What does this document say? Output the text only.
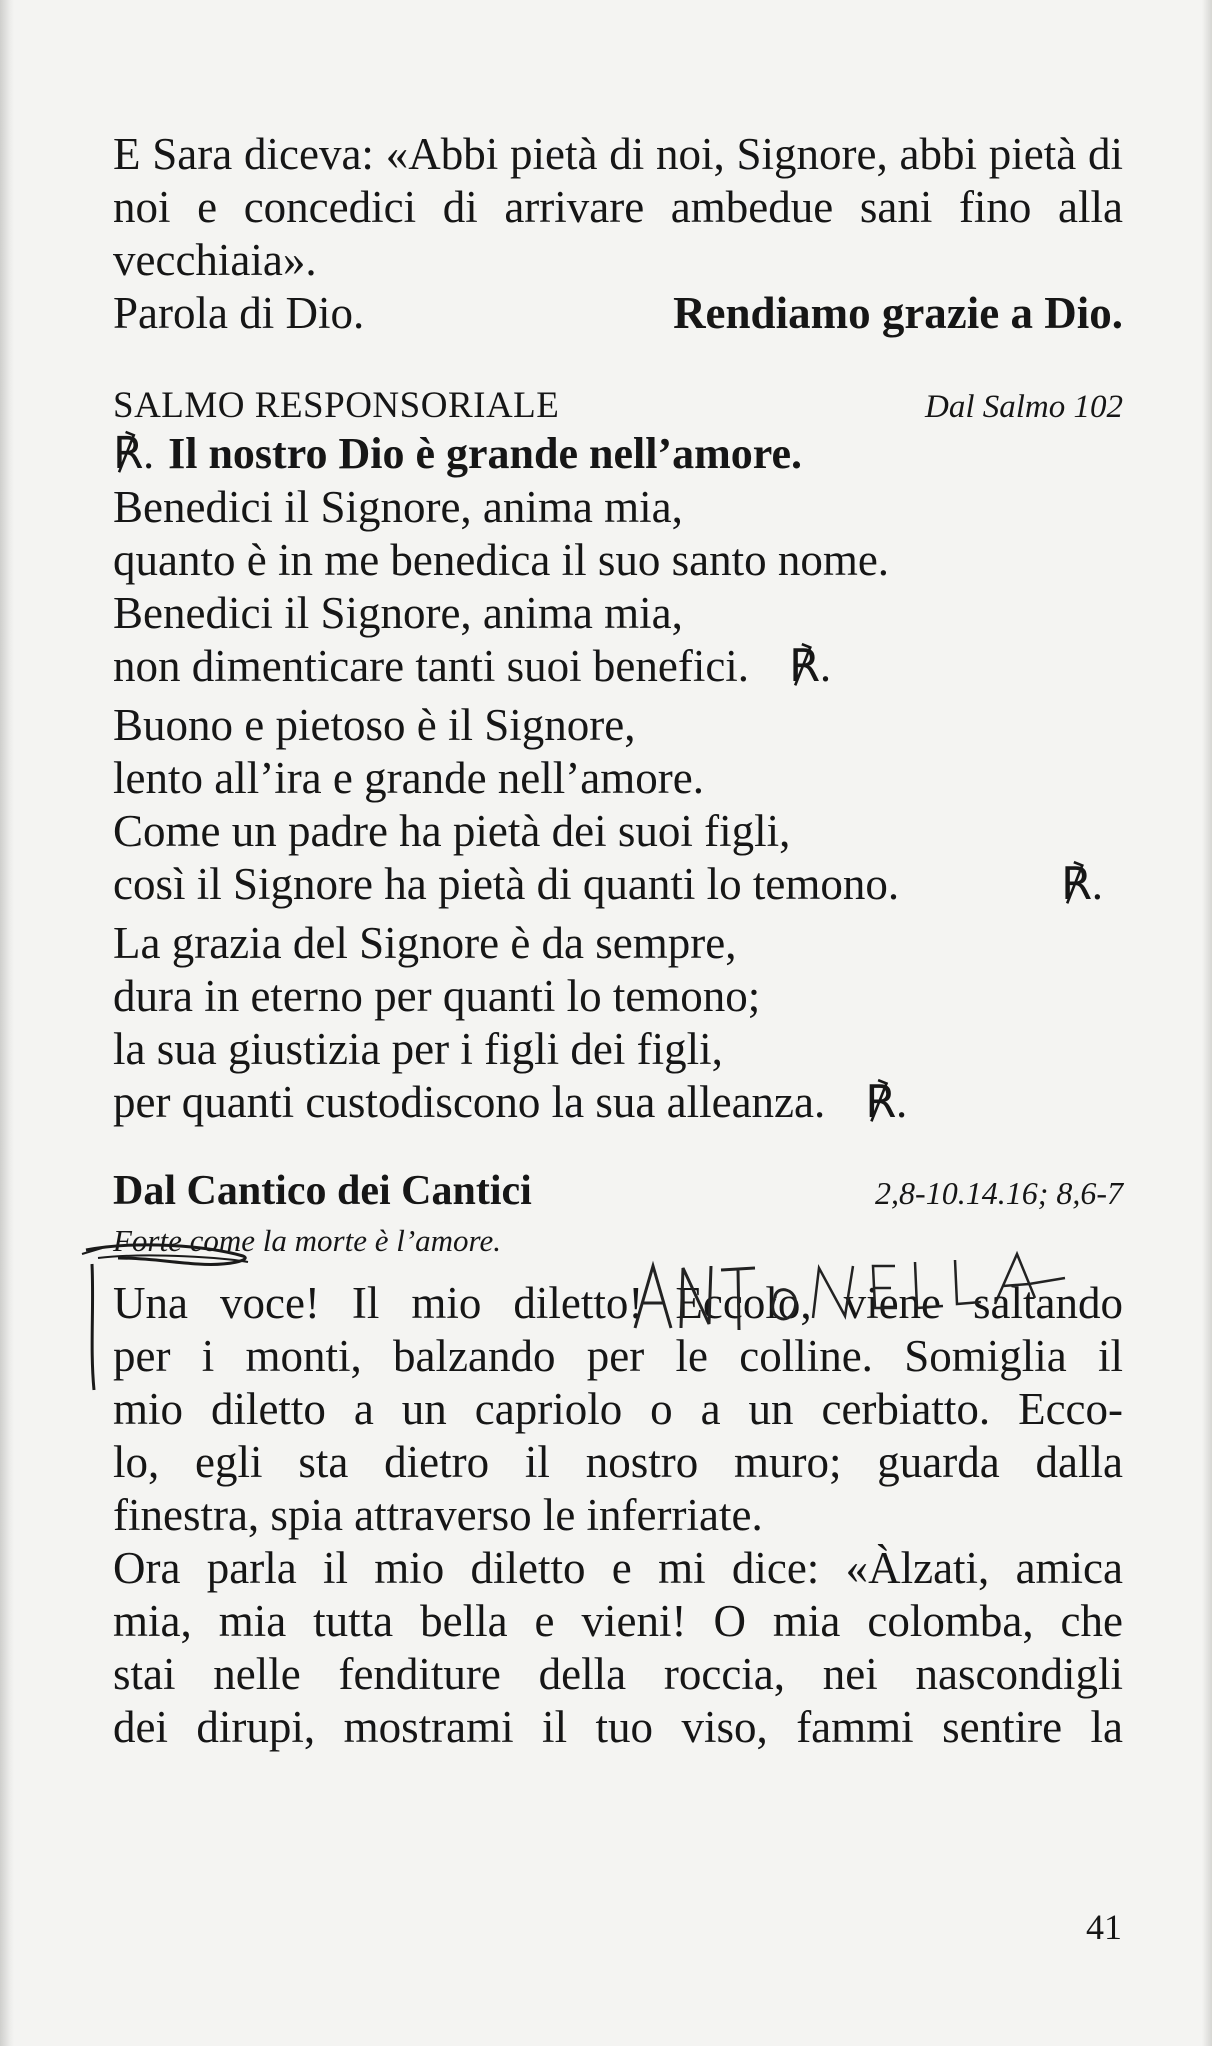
E Sara diceva: «Abbi pietà di noi, Signore, abbi pietà di noi e concedici di arrivare ambedue sani fino alla vecchiaia».

Parola di Dio.	Rendiamo grazie a Dio.
SALMO RESPONSORIALE	Dal Salmo 102
℟. Il nostro Dio è grande nell’amore.
Benedici il Signore, anima mia,
quanto è in me benedica il suo santo nome.
Benedici il Signore, anima mia,
non dimenticare tanti suoi benefici. ℟.
Buono e pietoso è il Signore,
lento all’ira e grande nell’amore.
Come un padre ha pietà dei suoi figli,
così il Signore ha pietà di quanti lo temono.	℟.
La grazia del Signore è da sempre,
dura in eterno per quanti lo temono;
la sua giustizia per i figli dei figli,
per quanti custodiscono la sua alleanza. ℟.
Dal Cantico dei Cantici	2,8-10.14.16; 8,6-7
Forte come la morte è l’amore.
Una voce! Il mio diletto! Eccolo, viene saltando
per i monti, balzando per le colline. Somiglia il
mio diletto a un capriolo o a un cerbiatto. Ecco-
lo, egli sta dietro il nostro muro; guarda dalla
finestra, spia attraverso le inferriate.
Ora parla il mio diletto e mi dice: «Àlzati, amica
mia, mia tutta bella e vieni! O mia colomba, che
stai nelle fenditure della roccia, nei nascondigli
dei dirupi, mostrami il tuo viso, fammi sentire la
41
